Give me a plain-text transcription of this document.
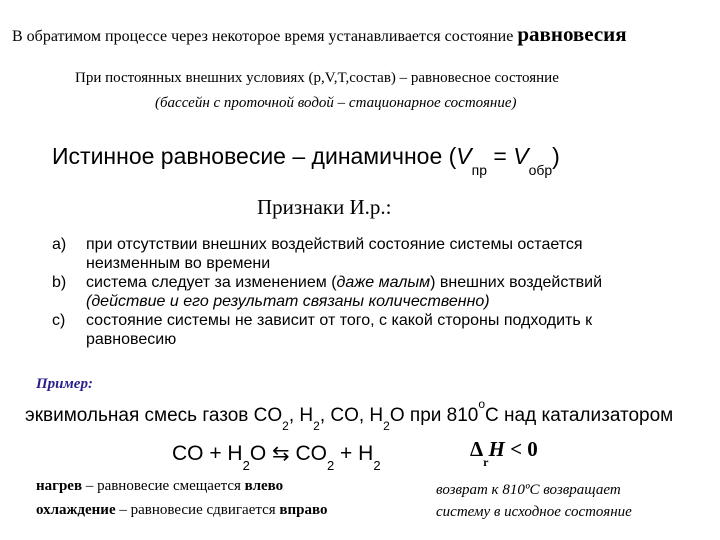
В обратимом процессе через некоторое время устанавливается состояние равновесия
При постоянных внешних условиях (p,V,T,состав) – равновесное состояние
(бассейн с проточной водой – стационарное состояние)
Истинное равновесие – динамичное $(V_{пр} = V_{обр})$
Признаки И.р.:
a) при отсутствии внешних воздействий состояние системы остается
неизменным во времени
b) система следует за изменением (даже малым) внешних воздействий
(действие и его результат связаны количественно)
c) состояние системы не зависит от того, с какой стороны подходить к
равновесию
Пример:
эквимольная смесь газов $CO_2$, $H_2$, CO, $H_2O$ при 810$^o$C над катализатором
CO + $H_2O$ ⇆ $CO_2 + H_2$
$\Delta_rH < 0$
нагрев – равновесие смещается влево
охлаждение – равновесие сдвигается вправо
возврат к 810ºС возвращает
систему в исходное состояние
